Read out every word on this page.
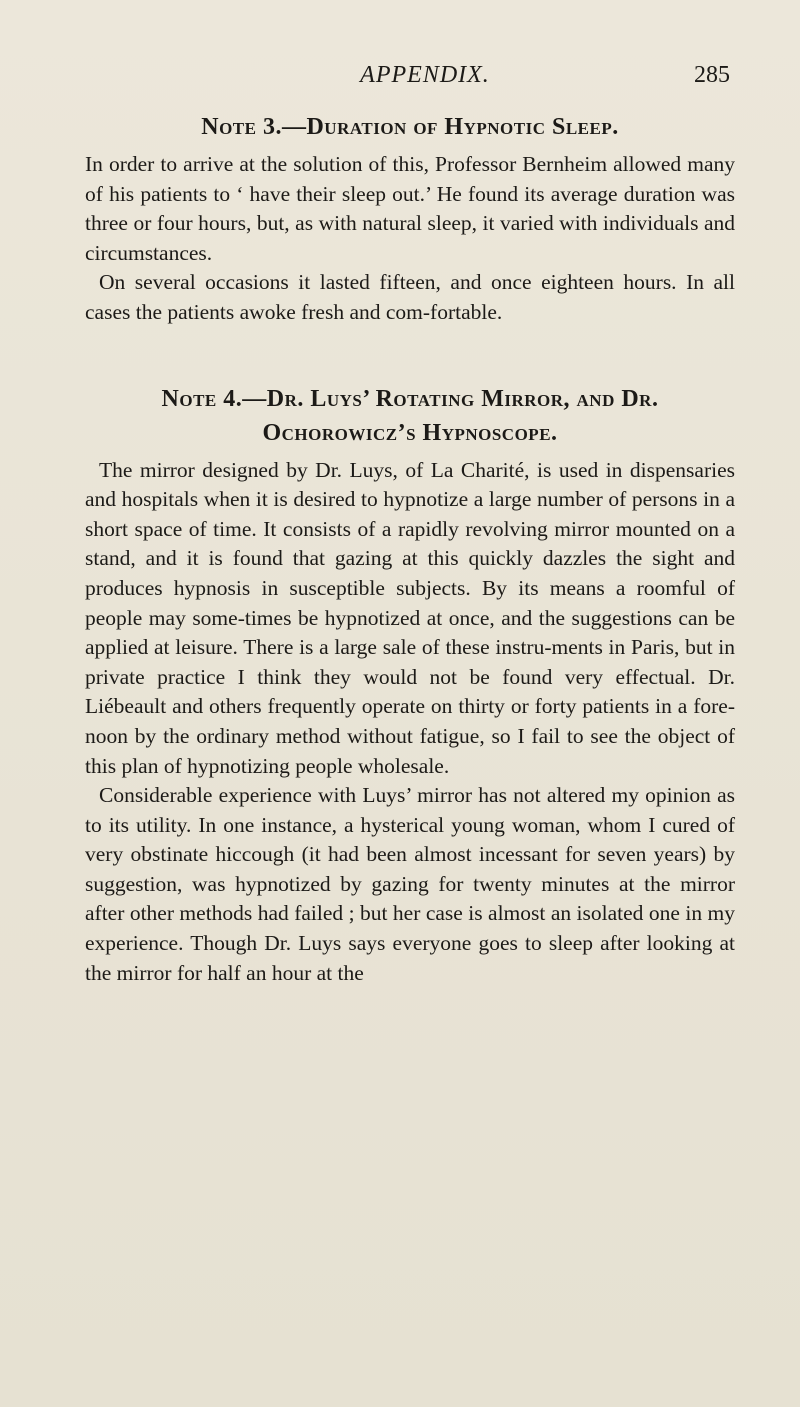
APPENDIX.	285
Note 3.—Duration of Hypnotic Sleep.

In order to arrive at the solution of this, Professor Bernheim allowed many of his patients to ‘ have their sleep out.’ He found its average duration was three or four hours, but, as with natural sleep, it varied with individuals and circumstances.

On several occasions it lasted fifteen, and once eighteen hours. In all cases the patients awoke fresh and com-fortable.

Note 4.—Dr. Luys’ Rotating Mirror, and Dr.
Ochorowicz’s Hypnoscope.

The mirror designed by Dr. Luys, of La Charité, is used in dispensaries and hospitals when it is desired to hypnotize a large number of persons in a short space of time. It consists of a rapidly revolving mirror mounted on a stand, and it is found that gazing at this quickly dazzles the sight and produces hypnosis in susceptible subjects. By its means a roomful of people may some-times be hypnotized at once, and the suggestions can be applied at leisure. There is a large sale of these instru-ments in Paris, but in private practice I think they would not be found very effectual. Dr. Liébeault and others frequently operate on thirty or forty patients in a fore-noon by the ordinary method without fatigue, so I fail to see the object of this plan of hypnotizing people wholesale.

Considerable experience with Luys’ mirror has not altered my opinion as to its utility. In one instance, a hysterical young woman, whom I cured of very obstinate hiccough (it had been almost incessant for seven years) by suggestion, was hypnotized by gazing for twenty minutes at the mirror after other methods had failed ; but her case is almost an isolated one in my experience. Though Dr. Luys says everyone goes to sleep after looking at the mirror for half an hour at the
